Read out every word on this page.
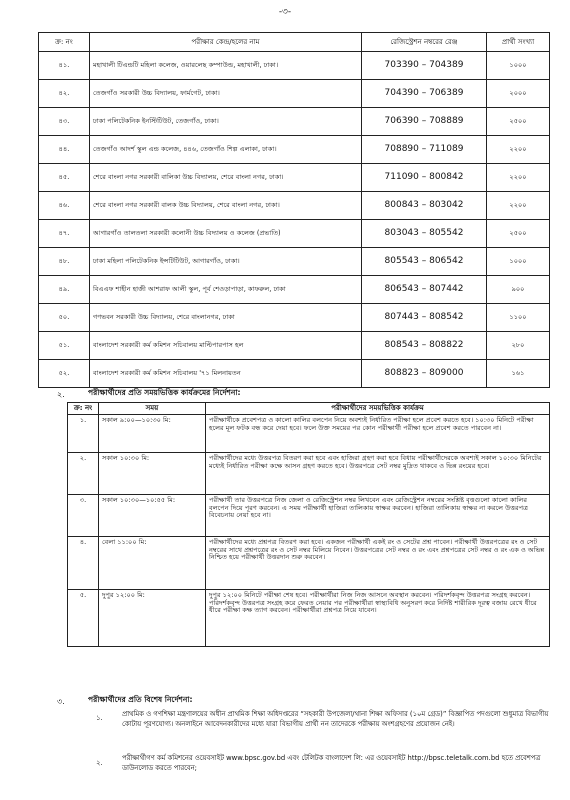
-৩-
ক্র: নং	পরীক্ষার কেন্দ্র/হলের নাম	রেজিস্ট্রেশন নম্বরের রেঞ্জ	প্রার্থী সংখ্যা
৪১.	মহাখালী টিএন্ডটি মহিলা কলেজ, ওয়ারলেছ কম্পাউন্ড, মহাখালী, ঢাকা।	703390 – 704389	১০০০
৪২.	তেজগাঁও সরকারী উচ্চ বিদ্যালয়, ফার্মগেট, ঢাকা।	704390 – 706389	২০০০
৪৩.	ঢাকা পলিটেকনিক ইনস্টিটিউট, তেজগাঁও, ঢাকা।	706390 – 708889	২৫০০
৪৪.	তেজগাঁও আদর্শ স্কুল এন্ড কলেজ, ৪৪৬, তেজগাঁও শিল্প এলাকা, ঢাকা।	708890 – 711089	২২০০
৪৫.	শেরে বাংলা নগর সরকারী বালিকা উচ্চ বিদ্যালয়, শেরে বাংলা নগর, ঢাকা।	711090 – 800842	২২০০
৪৬.	শেরে বাংলা নগর সরকারী বালক উচ্চ বিদ্যালয়, শেরে বাংলা নগর, ঢাকা।	800843 – 803042	২২০০
৪৭.	আগারগাঁও তালতলা সরকারী কলোনী উচ্চ বিদ্যালয় ও কলেজ (প্রভাতি)	803043 – 805542	২৫০০
৪৮.	ঢাকা মহিলা পলিটেকনিক ইন্সটিটিউট, আগারগাঁও, ঢাকা।	805543 – 806542	১০০০
৪৯.	বিএএফ শাহীন হাজী আশরাফ আলী স্কুল, পূর্ব শেওড়াপাড়া, কাফরুল, ঢাকা	806543 – 807442	৯০০
৫০.	গণভবন সরকারী উচ্চ বিদ্যালয়, শেরে বাংলানগর, ঢাকা	807443 – 808542	১১০০
৫১.	বাংলাদেশ সরকারী কর্ম কমিশন সচিবালয় মাল্টিপারপাস হল	808543 – 808822	২৮০
৫২.	বাংলাদেশ সরকারী কর্ম কমিশন সচিবালয় '৭১ মিলনায়তন	808823 – 809000	১৬১
২.	পরীক্ষার্থীদের প্রতি সময়ভিত্তিক কার্যক্রমের নির্দেশনা:
ক্র: নং	সময়	পরীক্ষার্থীদের সময়ভিত্তিক কার্যক্রম
১.	সকাল ৯:০০—১০:৩০ মি:	পরীক্ষার্থীকে প্রবেশপত্র ও কালো কালির বলপেন নিয়ে অবশ্যই নির্ধারিত পরীক্ষা হলে প্রবেশ করতে হবে। ১০:৩০ মিনিটে পরীক্ষা হলের মূল ফটক বন্ধ করে দেয়া হবে। ফলে উক্ত সময়ের পর কোন পরীক্ষার্থী পরীক্ষা হলে প্রবেশ করতে পারবেন না।
২.	সকাল ১০:৩০ মি:	পরীক্ষার্থীদের মধ্যে উত্তরপত্র বিতরণ করা হবে এবং হাজিরা গ্রহণ করা হবে বিধায় পরীক্ষার্থীদেরকে অবশ্যই সকাল ১০:৩০ মিনিটের মধ্যেই নির্ধারিত পরীক্ষা কক্ষে আসন গ্রহণ করতে হবে। উত্তরপত্রে সেট নম্বর মুদ্রিত থাকবে ও ভিন্ন রংয়ের হবে।
৩.	সকাল ১০:৩০—১০:৫৫ মি:	পরীক্ষার্থী তার উত্তরপত্রে নিজ জেলা ও রেজিস্ট্রেশন নম্বর লিখবেন এবং রেজিস্ট্রেশন নম্বরের সংশ্লিষ্ট বৃত্তগুলো কালো কালির বলপেন দিয়ে পূরণ করবেন। এ সময় পরীক্ষার্থী হাজিরা তালিকায় স্বাক্ষর করবেন। হাজিরা তালিকায় স্বাক্ষর না করলে উত্তরপত্র বিবেচনায় নেয়া হবে না।
৪.	বেলা ১১:০০ মি:	পরীক্ষার্থীদের মধ্যে প্রশ্নপত্র বিতরণ করা হবে। একজন পরীক্ষার্থী একই রং ও সেটের প্রশ্ন পাবেন। পরীক্ষার্থী উত্তরপত্রের রং ও সেট নম্বরের সাথে প্রশ্নপত্রের রং ও সেট নম্বর মিলিয়ে নিবেন। উত্তরপত্রের সেট নম্বর ও রং এবং প্রশ্নপত্রের সেট নম্বর ও রং এক ও অভিন্ন নিশ্চিত হয়ে পরীক্ষার্থী উত্তরদান শুরু করবেন।
৫.	দুপুর ১২:০০ মি:	দুপুর ১২:০০ মিনিটে পরীক্ষা শেষ হবে। পরীক্ষার্থীরা নিজ নিজ আসনে অবস্থান করবেন। পরিদর্শকবৃন্দ উত্তরপত্র সংগ্রহ করবেন। পরিদর্শকবৃন্দ উত্তরপত্র সংগ্রহ করে ফেরত নেয়ার পর পরীক্ষার্থীরা স্বাস্থ্যবিধি অনুসরণ করে নির্দিষ্ট শারীরিক দূরত্ব বজায় রেখে ধীরে ধীরে পরীক্ষা কক্ষ ত্যাগ করবেন। পরীক্ষার্থীরা প্রশ্নপত্র নিয়ে যাবেন।
৩.	পরীক্ষার্থীদের প্রতি বিশেষ নির্দেশনা:
১.	প্রাথমিক ও গণশিক্ষা মন্ত্রণালয়ের অধীন প্রাথমিক শিক্ষা অধিদপ্তরের “সহকারী উপজেলা/থানা শিক্ষা অফিসার (১০ম গ্রেড)” বিজ্ঞাপিত পদগুলো শুধুমাত্র বিভাগীয় কোটায় পূরণযোগ্য। অনলাইনে আবেদনকারীদের মধ্যে যারা বিভাগীয় প্রার্থী নন তাদেরকে পরীক্ষায় অংশগ্রহণের প্রয়োজন নেই।
২.
পরীক্ষার্থীগণ কর্ম কমিশনের ওয়েবসাইট www.bpsc.gov.bd এবং টেলিটক বাংলাদেশ লি: এর ওয়েবসাইট http://bpsc.teletalk.com.bd হতে প্রবেশপত্র ডাউনলোড করতে পারবেন;
